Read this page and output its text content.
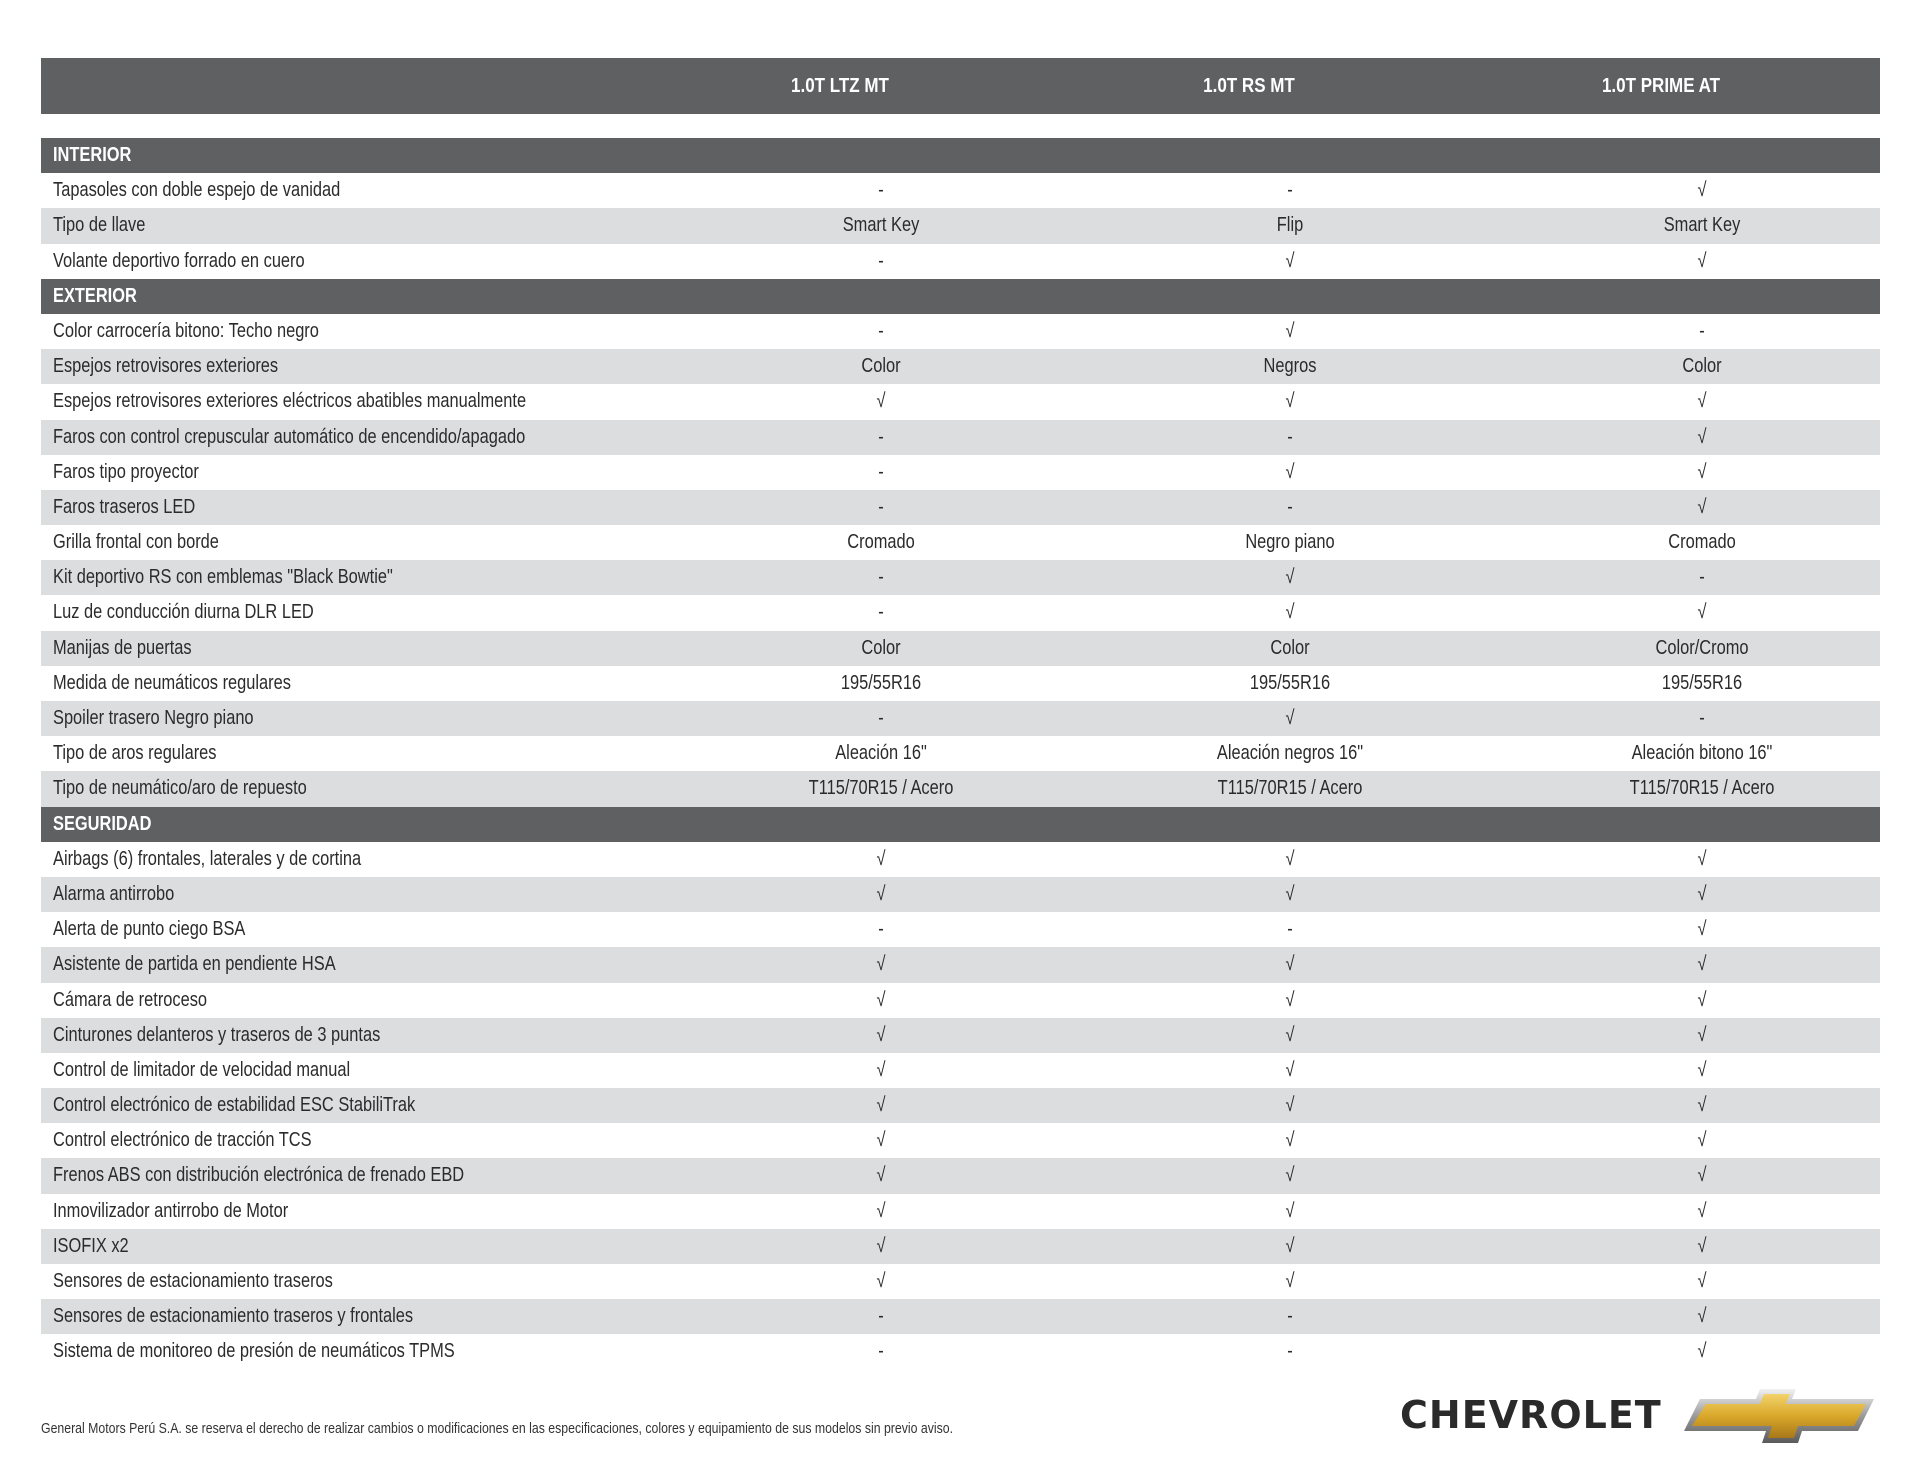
1.0T LTZ MT	1.0T RS MT	1.0T PRIME AT
INTERIOR
Tapasoles con doble espejo de vanidad	-	-	√
Tipo de llave	Smart Key	Flip	Smart Key
Volante deportivo forrado en cuero	-	√	√
EXTERIOR
Color carrocería bitono: Techo negro	-	√	-
Espejos retrovisores exteriores	Color	Negros	Color
Espejos retrovisores exteriores eléctricos abatibles manualmente	√	√	√
Faros con control crepuscular automático de encendido/apagado	-	-	√
Faros tipo proyector	-	√	√
Faros traseros LED	-	-	√
Grilla frontal con borde	Cromado	Negro piano	Cromado
Kit deportivo RS con emblemas "Black Bowtie"	-	√	-
Luz de conducción diurna DLR LED	-	√	√
Manijas de puertas	Color	Color	Color/Cromo
Medida de neumáticos regulares	195/55R16	195/55R16	195/55R16
Spoiler trasero Negro piano	-	√	-
Tipo de aros regulares	Aleación 16"	Aleación negros 16"	Aleación bitono 16"
Tipo de neumático/aro de repuesto	T115/70R15 / Acero	T115/70R15 / Acero	T115/70R15 / Acero
SEGURIDAD
Airbags (6) frontales, laterales y de cortina	√	√	√
Alarma antirrobo	√	√	√
Alerta de punto ciego BSA	-	-	√
Asistente de partida en pendiente HSA	√	√	√
Cámara de retroceso	√	√	√
Cinturones delanteros y traseros de 3 puntas	√	√	√
Control de limitador de velocidad manual	√	√	√
Control electrónico de estabilidad ESC StabiliTrak	√	√	√
Control electrónico de tracción TCS	√	√	√
Frenos ABS con distribución electrónica de frenado EBD	√	√	√
Inmovilizador antirrobo de Motor	√	√	√
ISOFIX x2	√	√	√
Sensores de estacionamiento traseros	√	√	√
Sensores de estacionamiento traseros y frontales	-	-	√
Sistema de monitoreo de presión de neumáticos TPMS	-	-	√
General Motors Perú S.A. se reserva el derecho de realizar cambios o modificaciones en las especificaciones, colores y equipamiento de sus modelos sin previo aviso.	CHEVROLET
